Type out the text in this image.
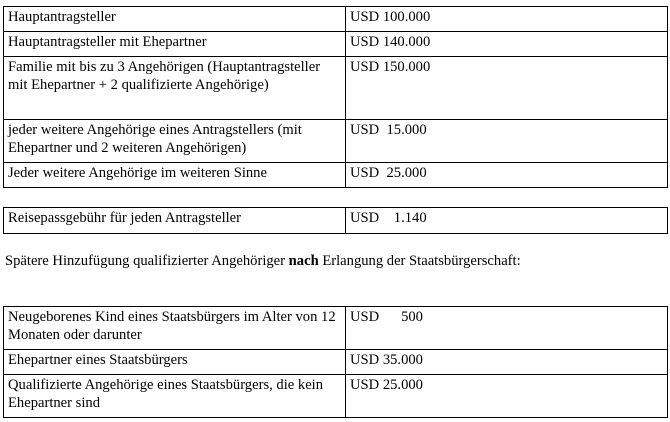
Hauptantragsteller	USD 100.000
Hauptantragsteller mit Ehepartner	USD 140.000
Familie mit bis zu 3 Angehörigen (Hauptantragsteller mit Ehepartner + 2 qualifizierte Angehörige)	USD 150.000
jeder weitere Angehörige eines Antragstellers (mit Ehepartner und 2 weiteren Angehörigen)	USD  15.000
Jeder weitere Angehörige im weiteren Sinne	USD  25.000
Reisepassgebühr für jeden Antragsteller	USD    1.140
Spätere Hinzufügung qualifizierter Angehöriger nach Erlangung der Staatsbürgerschaft:
Neugeborenes Kind eines Staatsbürgers im Alter von 12 Monaten oder darunter	USD      500
Ehepartner eines Staatsbürgers	USD 35.000
Qualifizierte Angehörige eines Staatsbürgers, die kein Ehepartner sind	USD 25.000
